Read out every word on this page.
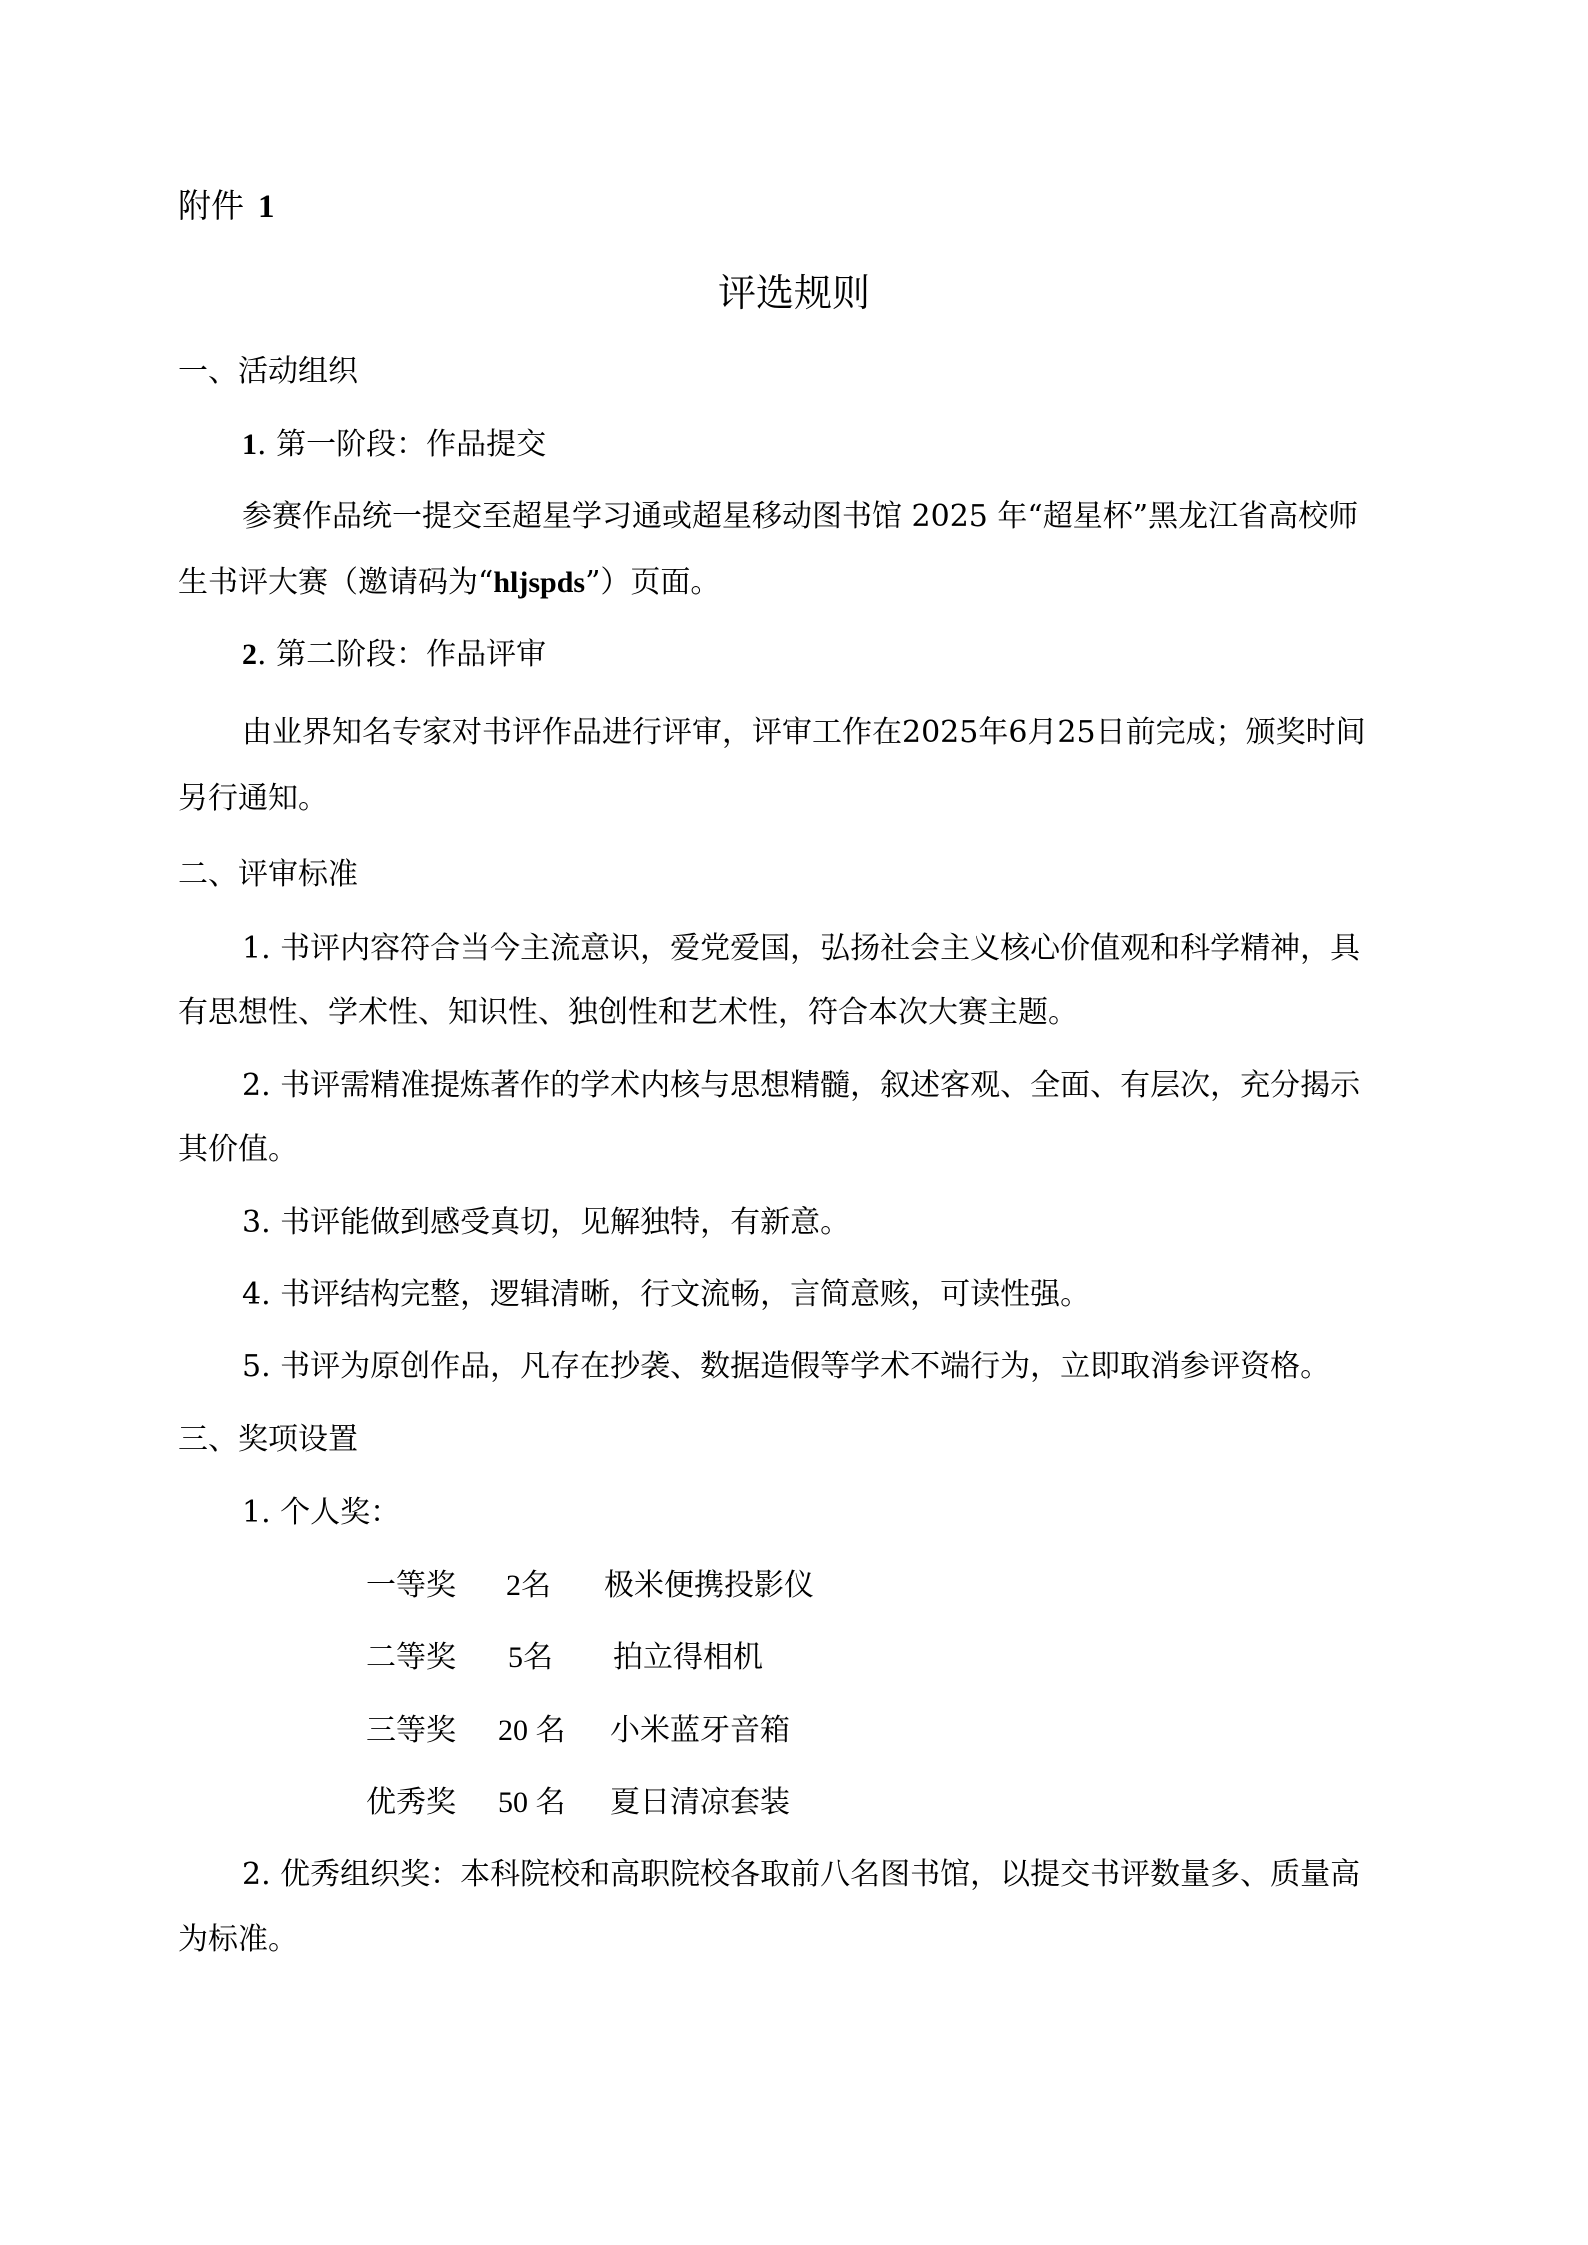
附件 1

评选规则
一、活动组织

1. 第一阶段：作品提交

参赛作品统一提交至超星学习通或超星移动图书馆 2025 年“超星杯”黑龙江省高校师

生书评大赛（邀请码为“hljspds”）页面。

2. 第二阶段：作品评审

由业界知名专家对书评作品进行评审，评审工作在2025年6月25日前完成；颁奖时间

另行通知。

二、评审标准

1. 书评内容符合当今主流意识，爱党爱国，弘扬社会主义核心价值观和科学精神，具

有思想性、学术性、知识性、独创性和艺术性，符合本次大赛主题。

2. 书评需精准提炼著作的学术内核与思想精髓，叙述客观、全面、有层次，充分揭示

其价值。

3. 书评能做到感受真切，见解独特，有新意。

4. 书评结构完整，逻辑清晰，行文流畅，言简意赅，可读性强。

5. 书评为原创作品，凡存在抄袭、数据造假等学术不端行为，立即取消参评资格。

三、奖项设置

1. 个人奖：

一等奖 2名 极米便携投影仪
二等奖 5名 拍立得相机
三等奖 20 名 小米蓝牙音箱
优秀奖 50 名 夏日清凉套装

2. 优秀组织奖：本科院校和高职院校各取前八名图书馆，以提交书评数量多、质量高

为标准。
